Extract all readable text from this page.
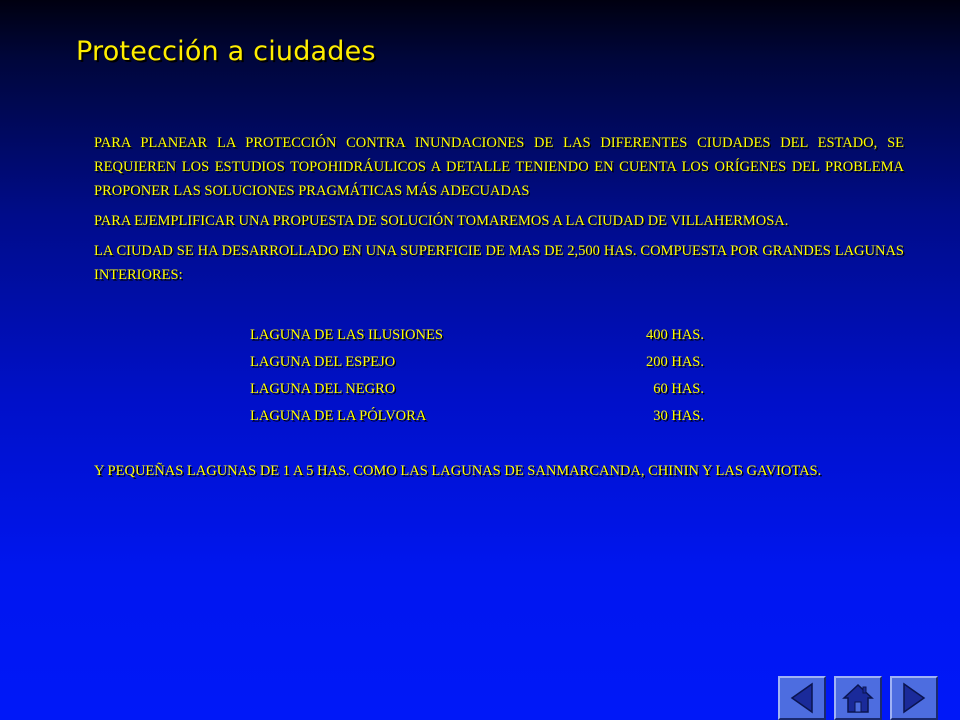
Protección a ciudades

PARA PLANEAR LA PROTECCIÓN CONTRA INUNDACIONES DE LAS DIFERENTES CIUDADES DEL ESTADO, SE REQUIEREN LOS ESTUDIOS TOPOHIDRÁULICOS A DETALLE TENIENDO EN CUENTA LOS ORÍGENES DEL PROBLEMA PROPONER LAS SOLUCIONES PRAGMÁTICAS MÁS ADECUADAS

PARA EJEMPLIFICAR UNA PROPUESTA DE SOLUCIÓN TOMAREMOS A LA CIUDAD DE VILLAHERMOSA.

LA CIUDAD SE HA DESARROLLADO EN UNA SUPERFICIE DE MAS DE 2,500 HAS. COMPUESTA POR GRANDES LAGUNAS INTERIORES:

LAGUNA DE LAS ILUSIONES	400 HAS.
LAGUNA DEL ESPEJO	200 HAS.
LAGUNA DEL NEGRO	60 HAS.
LAGUNA DE LA PÓLVORA	30 HAS.

Y PEQUEÑAS LAGUNAS DE 1 A 5 HAS. COMO LAS LAGUNAS DE SANMARCANDA, CHININ Y LAS GAVIOTAS.
